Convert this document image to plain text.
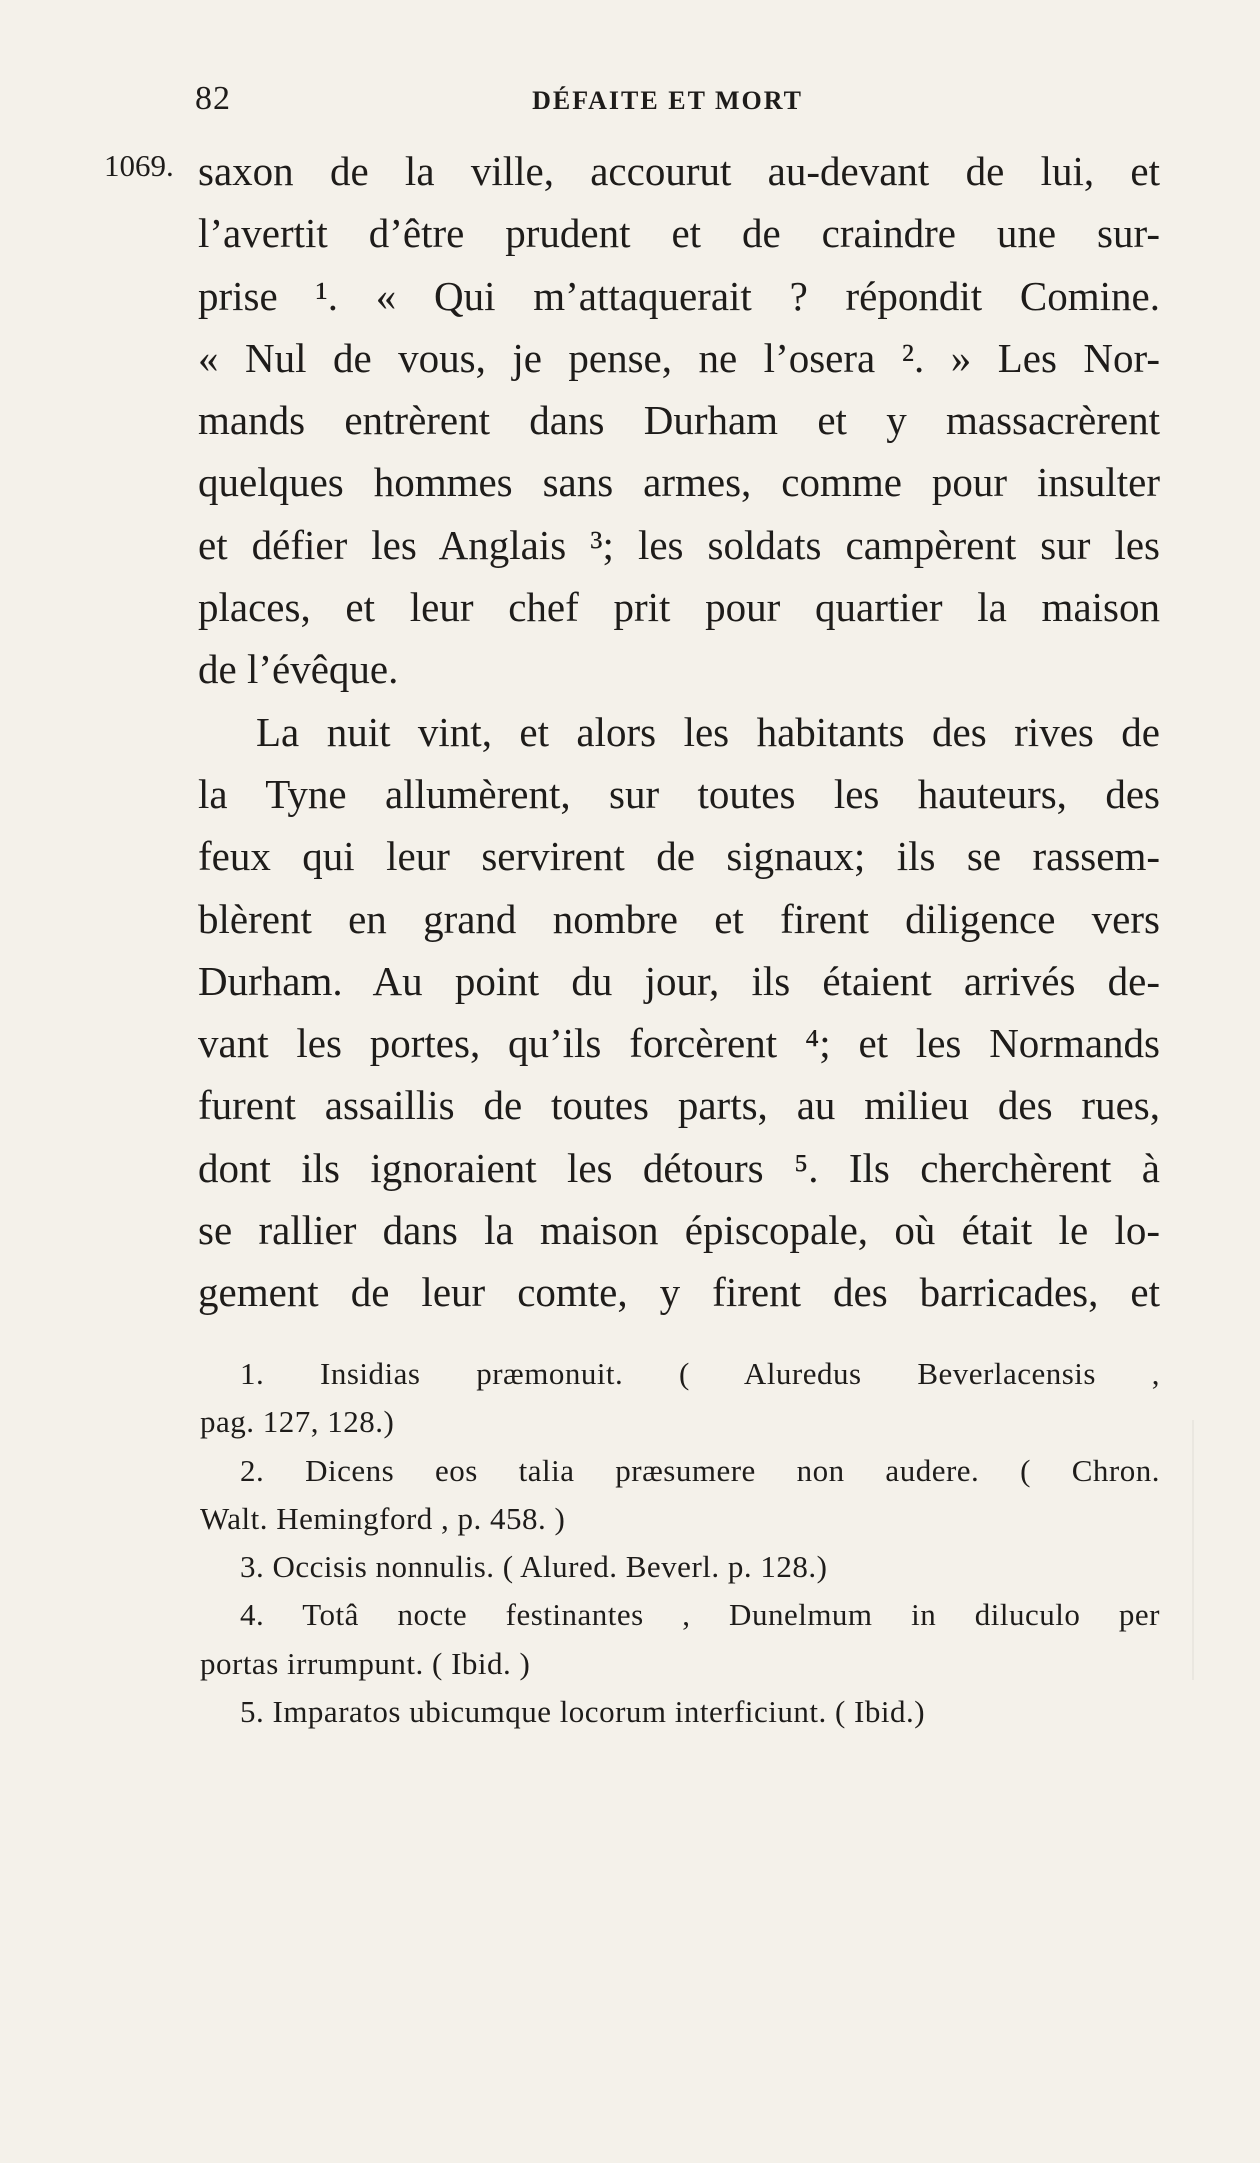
82	DÉFAITE ET MORT
1069. saxon de la ville, accourut au-devant de lui, et
l’avertit d’être prudent et de craindre une sur-
prise ¹. « Qui m’attaquerait ? répondit Comine.
« Nul de vous, je pense, ne l’osera ². » Les Nor-
mands entrèrent dans Durham et y massacrèrent
quelques hommes sans armes, comme pour insulter
et défier les Anglais ³; les soldats campèrent sur les
places, et leur chef prit pour quartier la maison
de l’évêque.
La nuit vint, et alors les habitants des rives de
la Tyne allumèrent, sur toutes les hauteurs, des
feux qui leur servirent de signaux; ils se rassem-
blèrent en grand nombre et firent diligence vers
Durham. Au point du jour, ils étaient arrivés de-
vant les portes, qu’ils forcèrent ⁴; et les Normands
furent assaillis de toutes parts, au milieu des rues,
dont ils ignoraient les détours ⁵. Ils cherchèrent à
se rallier dans la maison épiscopale, où était le lo-
gement de leur comte, y firent des barricades, et
1. Insidias præmonuit. ( Aluredus Beverlacensis ,
pag. 127, 128.)
2. Dicens eos talia præsumere non audere. ( Chron.
Walt. Hemingford , p. 458. )
3. Occisis nonnulis. ( Alured. Beverl. p. 128.)
4. Totâ nocte festinantes , Dunelmum in diluculo per
portas irrumpunt. ( Ibid. )
5. Imparatos ubicumque locorum interficiunt. ( Ibid.)
